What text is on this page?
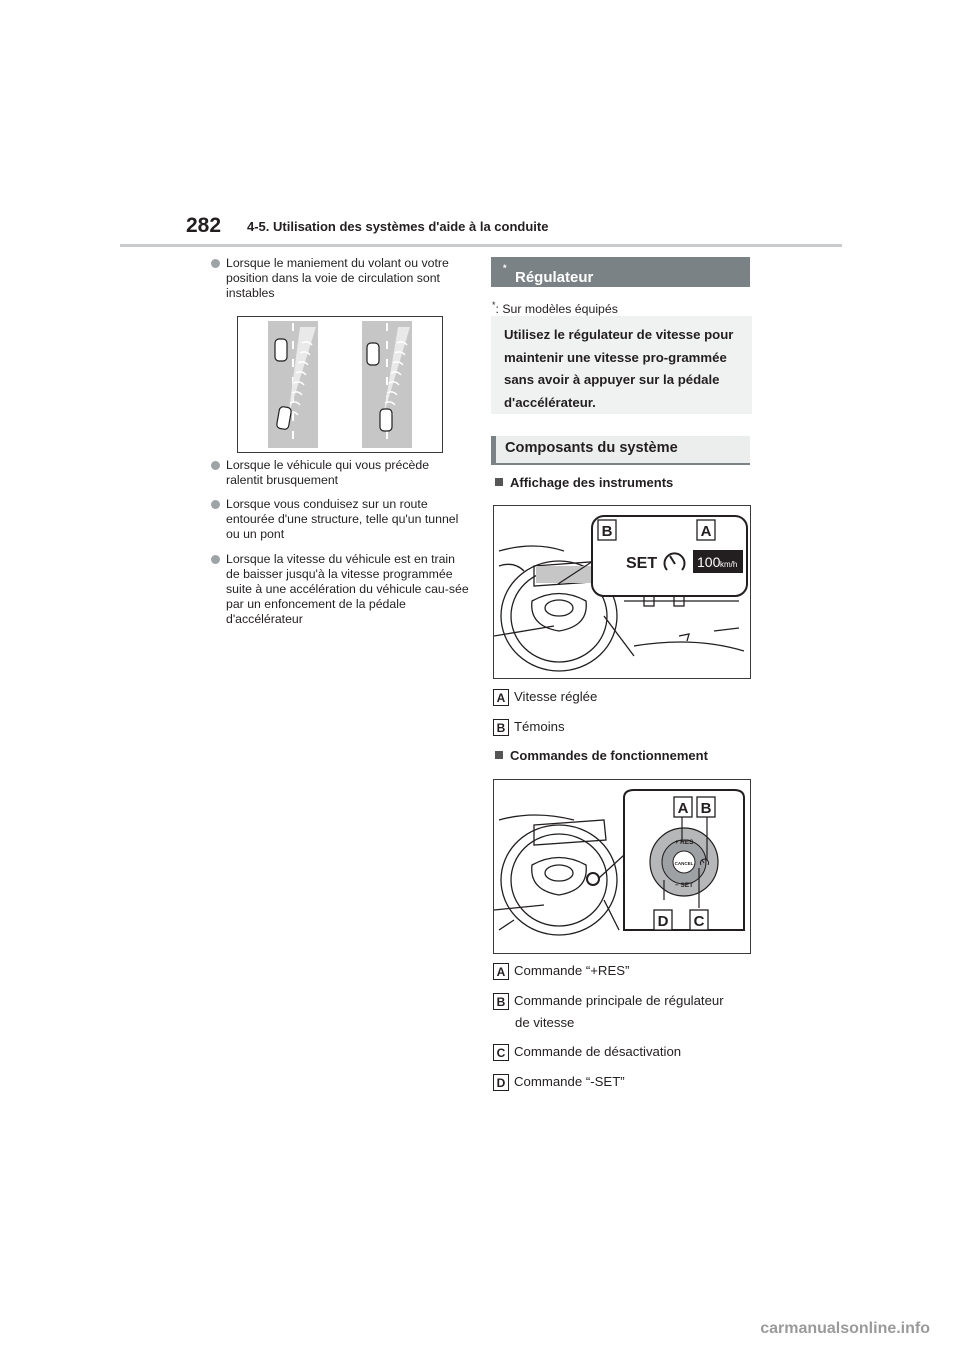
282 4-5. Utilisation des systèmes d'aide à la conduite
Lorsque le maniement du volant ou votre position dans la voie de circulation sont instables
Lorsque le véhicule qui vous précède ralentit brusquement
Lorsque vous conduisez sur un route entourée d'une structure, telle qu'un tunnel ou un pont
Lorsque la vitesse du véhicule est en train de baisser jusqu'à la vitesse programmée suite à une accélération du véhicule cau-sée par un enfoncement de la pédale d'accélérateur
Régulateur de vitesse
*
*: Sur modèles équipés
Utilisez le régulateur de vitesse pour maintenir une vitesse pro-grammée sans avoir à appuyer sur la pédale d'accélérateur.
Composants du système
Affichage des instruments
B	A
SET	100 km/h
A Vitesse réglée
B Témoins
Commandes de fonctionnement
+ RES
CANCEL
− SET
A B
D C
A Commande “+RES”
B Commande principale de régulateur
de vitesse
C Commande de désactivation
D Commande “-SET”
carmanualsonline.info
